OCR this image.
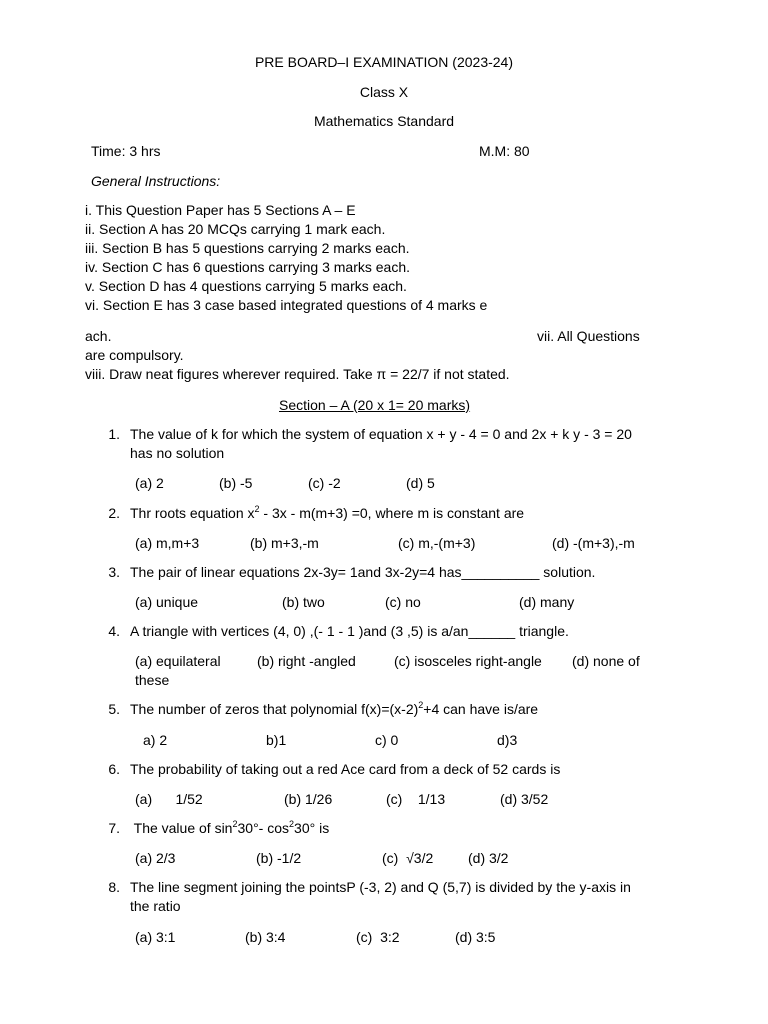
PRE BOARD–I EXAMINATION (2023-24)
Class X
Mathematics Standard
Time: 3 hrs	M.M: 80
General Instructions:
i. This Question Paper has 5 Sections A – E
ii. Section A has 20 MCQs carrying 1 mark each.
iii. Section B has 5 questions carrying 2 marks each.
iv. Section C has 6 questions carrying 3 marks each.
v. Section D has 4 questions carrying 5 marks each.
vi. Section E has 3 case based integrated questions of 4 marks e
ach.	vii. All Questions
are compulsory.
viii. Draw neat figures wherever required. Take π = 22/7 if not stated.
Section – A (20 x 1= 20 marks)
1. The value of k for which the system of equation x + y - 4 = 0 and 2x + k y - 3 = 20
has no solution
(a) 2	(b) -5	(c) -2	(d) 5
2. Thr roots equation $x^2 - 3x - m(m+3) =0$, where m is constant are
(a) m,m+3	(b) m+3,-m	(c) m,-(m+3)	(d) -(m+3),-m
3. The pair of linear equations 2x-3y= 1and 3x-2y=4 has__________ solution.
(a) unique	(b) two	(c) no	(d) many
4. A triangle with vertices (4, 0) ,(- 1 - 1 )and (3 ,5) is a/an______ triangle.
(a) equilateral	(b) right -angled	(c) isosceles right-angle (d) none of
these
5. The number of zeros that polynomial $f(x)=(x-2)^2+4$ can have is/are
a) 2	b)1	c) 0	d)3
6. The probability of taking out a red Ace card from a deck of 52 cards is
(a)      1/52	(b) 1/26	(c)    1/13	(d) 3/52
7. The value of $\sin^230^\circ-$ $\cos^230^\circ$ is
(a) 2/3	(b) -1/2	(c)  √3/2 (d) 3/2
8. The line segment joining the pointsP (-3, 2) and Q (5,7) is divided by the y-axis in
the ratio
(a) 3:1	(b) 3:4	(c)  3:2	(d) 3:5
